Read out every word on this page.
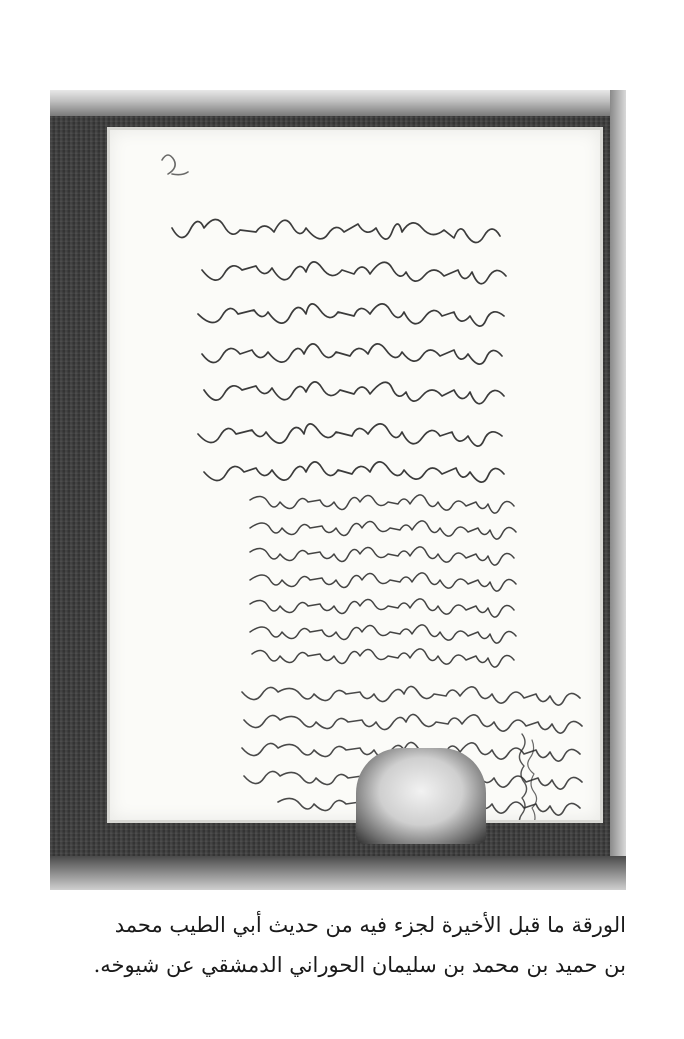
الورقة ما قبل الأخيرة لجزء فيه من حديث أبي الطيب محمد
بن حميد بن محمد بن سليمان الحوراني الدمشقي عن شيوخه.
